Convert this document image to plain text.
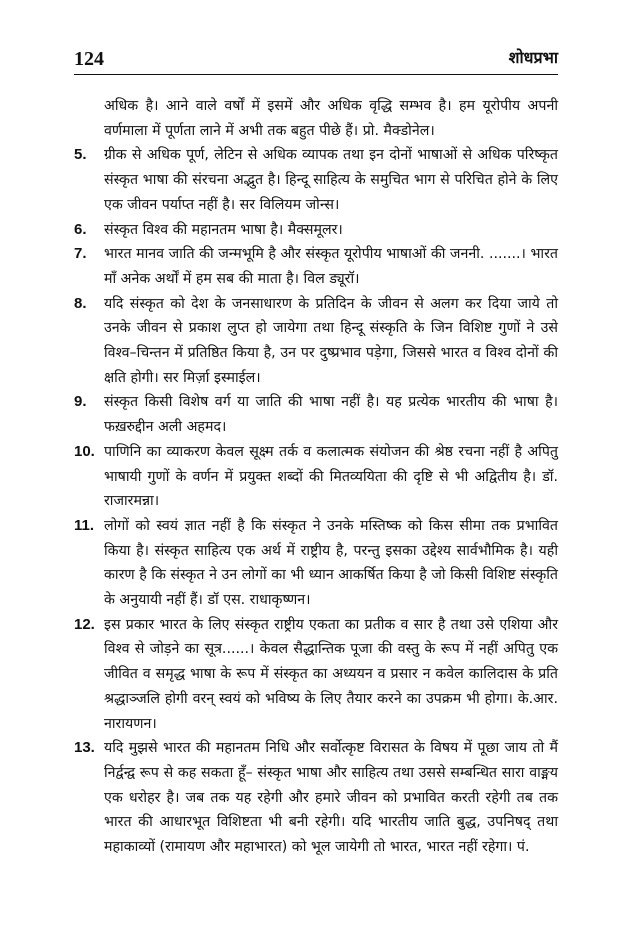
124	शोधप्रभा

अधिक है। आने वाले वर्षों में इसमें और अधिक वृद्धि सम्भव है। हम यूरोपीय अपनी वर्णमाला में पूर्णता लाने में अभी तक बहुत पीछे हैं। प्रो. मैक्डोनेल।

5. ग्रीक से अधिक पूर्ण, लेटिन से अधिक व्यापक तथा इन दोनों भाषाओं से अधिक परिष्कृत संस्कृत भाषा की संरचना अद्भुत है। हिन्दू साहित्य के समुचित भाग से परिचित होने के लिए एक जीवन पर्याप्त नहीं है। सर विलियम जोन्स।

6. संस्कृत विश्व की महानतम भाषा है। मैक्समूलर।

7. भारत मानव जाति की जन्मभूमि है और संस्कृत यूरोपीय भाषाओं की जननी. .......। भारत माँ अनेक अर्थों में हम सब की माता है। विल ड्यूरॉ।

8. यदि संस्कृत को देश के जनसाधारण के प्रतिदिन के जीवन से अलग कर दिया जाये तो उनके जीवन से प्रकाश लुप्त हो जायेगा तथा हिन्दू संस्कृति के जिन विशिष्ट गुणों ने उसे विश्व–चिन्तन में प्रतिष्ठित किया है, उन पर दुष्प्रभाव पड़ेगा, जिससे भारत व विश्व दोनों की क्षति होगी। सर मिर्ज़ा इस्माईल।

9. संस्कृत किसी विशेष वर्ग या जाति की भाषा नहीं है। यह प्रत्येक भारतीय की भाषा है। फख़रुद्दीन अली अहमद।

10. पाणिनि का व्याकरण केवल सूक्ष्म तर्क व कलात्मक संयोजन की श्रेष्ठ रचना नहीं है अपितु भाषायी गुणों के वर्णन में प्रयुक्त शब्दों की मितव्ययिता की दृष्टि से भी अद्वितीय है। डॉ. राजारमन्ना।

11. लोगों को स्वयं ज्ञात नहीं है कि संस्कृत ने उनके मस्तिष्क को किस सीमा तक प्रभावित किया है। संस्कृत साहित्य एक अर्थ में राष्ट्रीय है, परन्तु इसका उद्देश्य सार्वभौमिक है। यही कारण है कि संस्कृत ने उन लोगों का भी ध्यान आकर्षित किया है जो किसी विशिष्ट संस्कृति के अनुयायी नहीं हैं। डॉ एस. राधाकृष्णन।

12. इस प्रकार भारत के लिए संस्कृत राष्ट्रीय एकता का प्रतीक व सार है तथा उसे एशिया और विश्व से जोड़ने का सूत्र......। केवल सैद्धान्तिक पूजा की वस्तु के रूप में नहीं अपितु एक जीवित व समृद्ध भाषा के रूप में संस्कृत का अध्ययन व प्रसार न कवेल कालिदास के प्रति श्रद्धाञ्जलि होगी वरन् स्वयं को भविष्य के लिए तैयार करने का उपक्रम भी होगा। के.आर. नारायणन।

13. यदि मुझसे भारत की महानतम निधि और सर्वोत्कृष्ट विरासत के विषय में पूछा जाय तो मैं निर्द्वन्द्व रूप से कह सकता हूँ– संस्कृत भाषा और साहित्य तथा उससे सम्बन्धित सारा वाङ्मय एक धरोहर है। जब तक यह रहेगी और हमारे जीवन को प्रभावित करती रहेगी तब तक भारत की आधारभूत विशिष्टता भी बनी रहेगी। यदि भारतीय जाति बुद्ध, उपनिषद् तथा महाकाव्यों (रामायण और महाभारत) को भूल जायेगी तो भारत, भारत नहीं रहेगा। पं.
